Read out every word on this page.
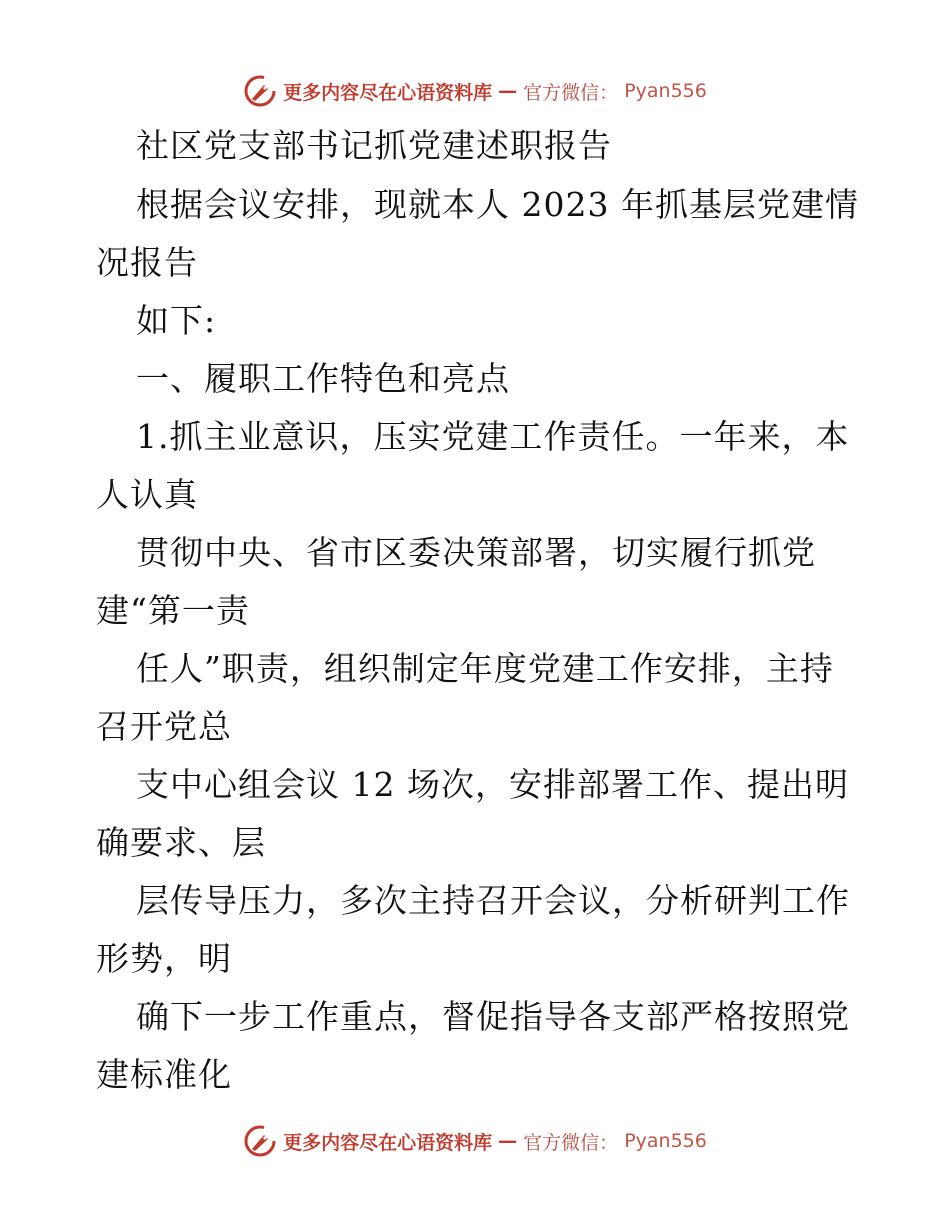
更多内容尽在心语资料库 — 官方微信： Pyan556
社区党支部书记抓党建述职报告
根据会议安排，现就本人 2023 年抓基层党建情
况报告
如下:
一、履职工作特色和亮点
1.抓主业意识，压实党建工作责任。一年来，本
人认真
贯彻中央、省市区委决策部署，切实履行抓党
建“第一责
任人”职责，组织制定年度党建工作安排，主持
召开党总
支中心组会议 12 场次，安排部署工作、提出明
确要求、层
层传导压力，多次主持召开会议，分析研判工作
形势，明
确下一步工作重点，督促指导各支部严格按照党
建标准化
更多内容尽在心语资料库 — 官方微信： Pyan556
